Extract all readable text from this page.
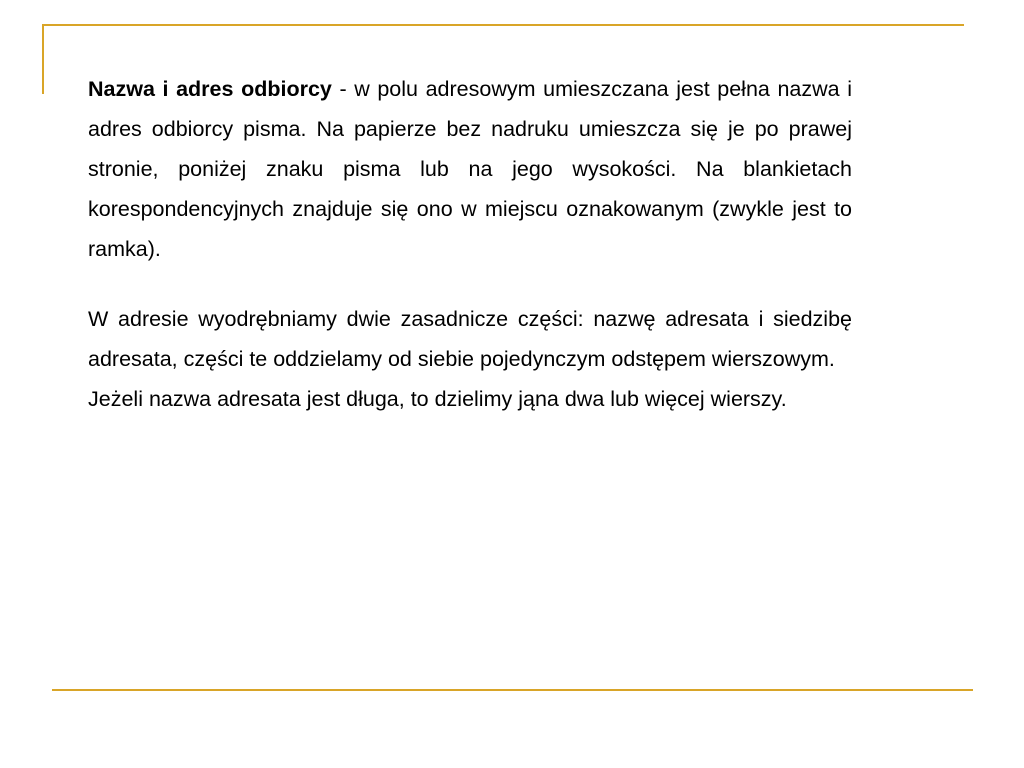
Nazwa i adres odbiorcy - w polu adresowym umieszczana jest pełna nazwa i adres odbiorcy pisma. Na papierze bez nadruku umieszcza się je po prawej stronie, poniżej znaku pisma lub na jego wysokości. Na blankietach korespondencyjnych znajduje się ono w miejscu oznakowanym (zwykle jest to ramka).

W adresie wyodrębniamy dwie zasadnicze części: nazwę adresata i siedzibę adresata, części te oddzielamy od siebie pojedynczym odstępem wierszowym.

Jeżeli nazwa adresata jest długa, to dzielimy jąna dwa lub więcej wierszy.
